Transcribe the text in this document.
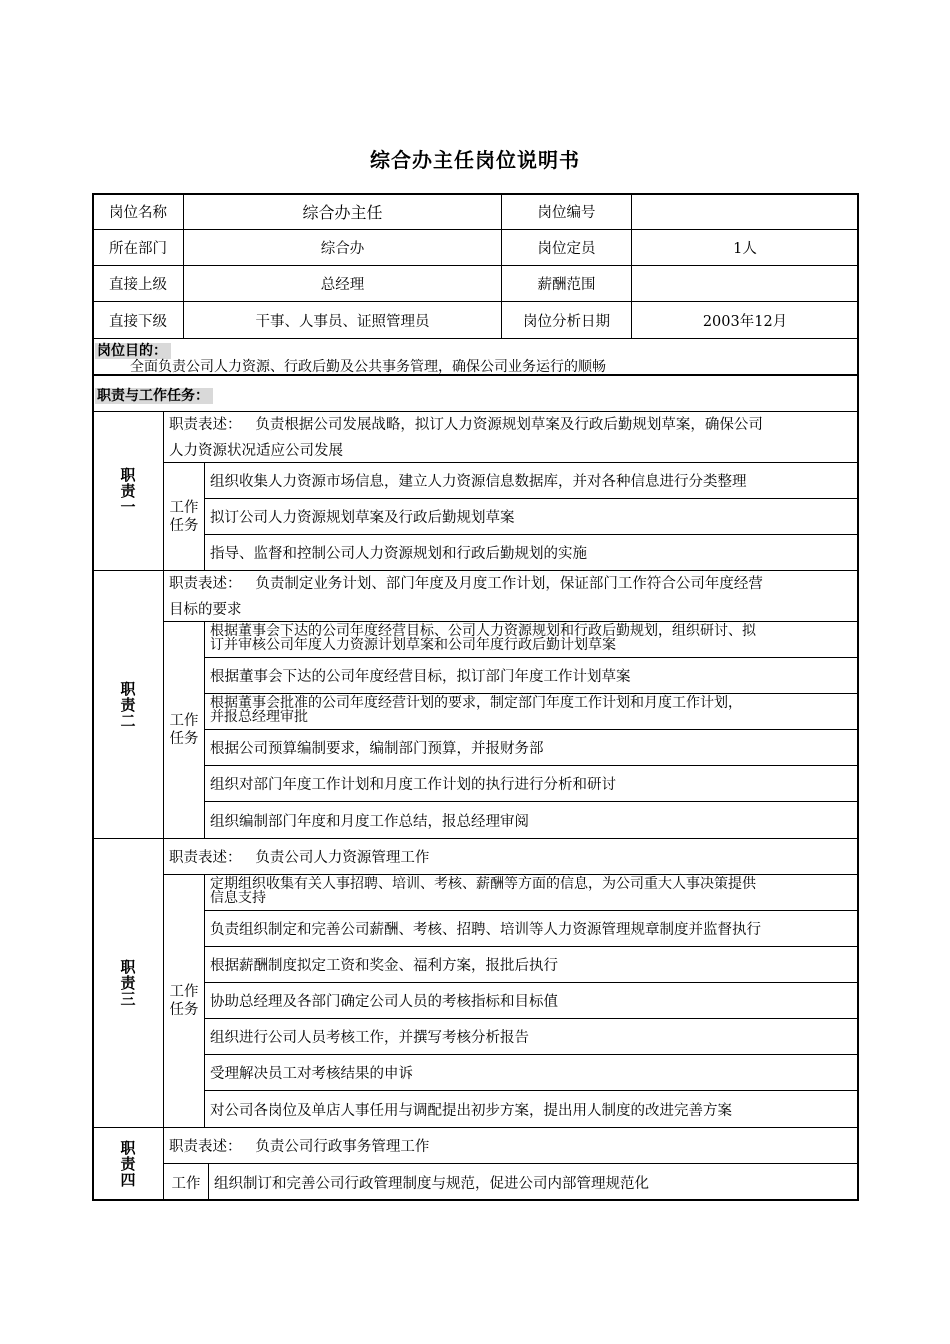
综合办主任岗位说明书
岗位名称	综合办主任	岗位编号
所在部门	综合办	岗位定员	1人
直接上级	总经理	薪酬范围
直接下级	干事、人事员、证照管理员	岗位分析日期	2003年12月
岗位目的：
全面负责公司人力资源、行政后勤及公共事务管理，确保公司业务运行的顺畅
职责与工作任务：
职责一
职责表述：   负责根据公司发展战略，拟订人力资源规划草案及行政后勤规划草案，确保公司
人力资源状况适应公司发展
工作任务
组织收集人力资源市场信息，建立人力资源信息数据库，并对各种信息进行分类整理
拟订公司人力资源规划草案及行政后勤规划草案
指导、监督和控制公司人力资源规划和行政后勤规划的实施
职责二
职责表述：   负责制定业务计划、部门年度及月度工作计划，保证部门工作符合公司年度经营
目标的要求
工作任务
根据董事会下达的公司年度经营目标、公司人力资源规划和行政后勤规划，组织研讨、拟
订并审核公司年度人力资源计划草案和公司年度行政后勤计划草案
根据董事会下达的公司年度经营目标，拟订部门年度工作计划草案
根据董事会批准的公司年度经营计划的要求，制定部门年度工作计划和月度工作计划，
并报总经理审批
根据公司预算编制要求，编制部门预算，并报财务部
组织对部门年度工作计划和月度工作计划的执行进行分析和研讨
组织编制部门年度和月度工作总结，报总经理审阅
职责三
职责表述：   负责公司人力资源管理工作
工作任务
定期组织收集有关人事招聘、培训、考核、薪酬等方面的信息，为公司重大人事决策提供
信息支持
负责组织制定和完善公司薪酬、考核、招聘、培训等人力资源管理规章制度并监督执行
根据薪酬制度拟定工资和奖金、福利方案，报批后执行
协助总经理及各部门确定公司人员的考核指标和目标值
组织进行公司人员考核工作，并撰写考核分析报告
受理解决员工对考核结果的申诉
对公司各岗位及单店人事任用与调配提出初步方案，提出用人制度的改进完善方案
职责四	职责表述：   负责公司行政事务管理工作
工作 组织制订和完善公司行政管理制度与规范，促进公司内部管理规范化
